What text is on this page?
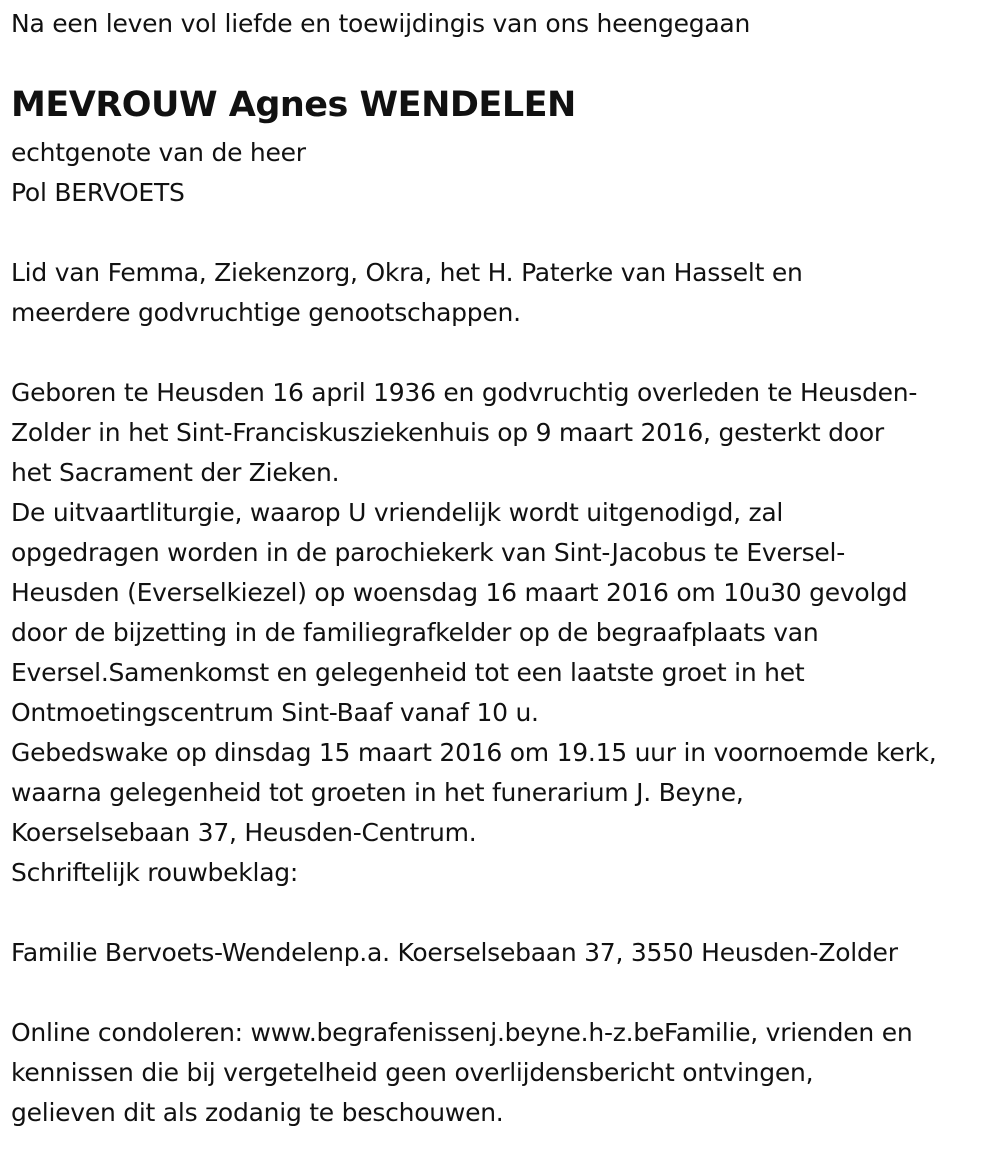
Na een leven vol liefde en toewijdingis van ons heengegaan
MEVROUW Agnes WENDELEN
echtgenote van de heer
Pol BERVOETS
Lid van Femma, Ziekenzorg, Okra, het H. Paterke van Hasselt en
meerdere godvruchtige genootschappen.
Geboren te Heusden 16 april 1936 en godvruchtig overleden te Heusden-
Zolder in het Sint-Franciskusziekenhuis op 9 maart 2016, gesterkt door
het Sacrament der Zieken.
De uitvaartliturgie, waarop U vriendelijk wordt uitgenodigd, zal
opgedragen worden in de parochiekerk van Sint-Jacobus te Eversel-
Heusden (Everselkiezel) op woensdag 16 maart 2016 om 10u30 gevolgd
door de bijzetting in de familiegrafkelder op de begraafplaats van
Eversel.Samenkomst en gelegenheid tot een laatste groet in het
Ontmoetingscentrum Sint-Baaf vanaf 10 u.
Gebedswake op dinsdag 15 maart 2016 om 19.15 uur in voornoemde kerk,
waarna gelegenheid tot groeten in het funerarium J. Beyne,
Koerselsebaan 37, Heusden-Centrum.
Schriftelijk rouwbeklag:
Familie Bervoets-Wendelenp.a. Koerselsebaan 37, 3550 Heusden-Zolder
Online condoleren: www.begrafenissenj.beyne.h-z.beFamilie, vrienden en
kennissen die bij vergetelheid geen overlijdensbericht ontvingen,
gelieven dit als zodanig te beschouwen.
